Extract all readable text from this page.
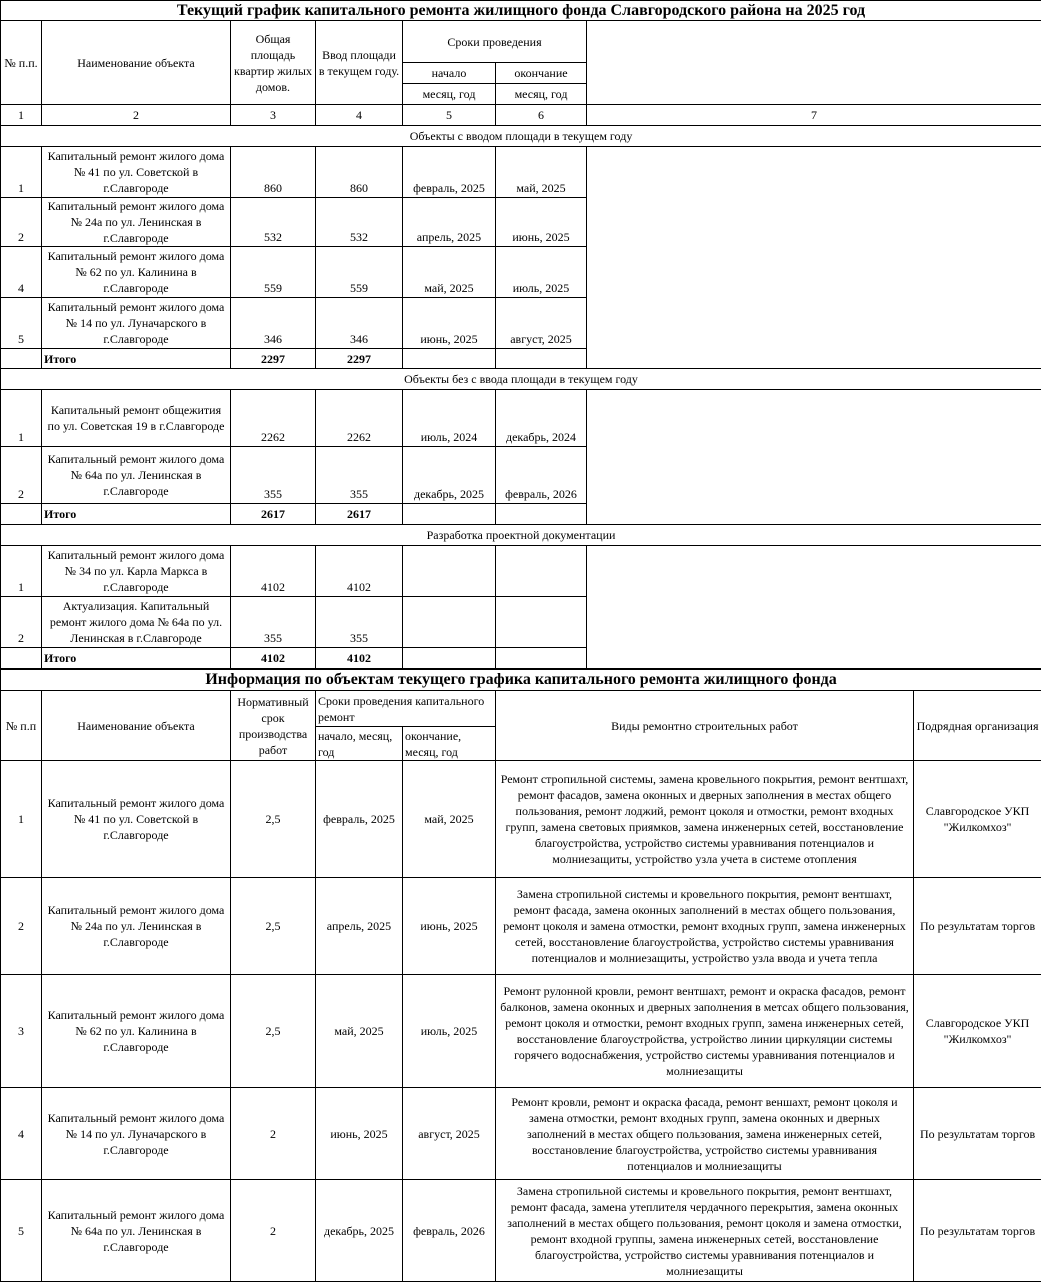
Текущий график капитального ремонта жилищного фонда Славгородского района на 2025 год						
№ п.п.	Наименование объекта	Общая площадь квартир жилых домов.	Ввод площади в текущем году.	Сроки проведения		
				начало	окончание	
				месяц, год	месяц, год	
1	2	3	4	5	6	7
Объекты с вводом площади в текущем году						
1	Капитальный ремонт жилого дома № 41 по ул. Советской в г.Славгороде	860	860	февраль, 2025	май, 2025	
2	Капитальный ремонт жилого дома № 24а по ул. Ленинская в г.Славгороде	532	532	апрель, 2025	июнь, 2025	
4	Капитальный ремонт жилого дома № 62 по ул. Калинина в г.Славгороде	559	559	май, 2025	июль, 2025	
5	Капитальный ремонт жилого дома № 14 по ул. Луначарского в г.Славгороде	346	346	июнь, 2025	август, 2025	
	Итого	2297	2297			
Объекты без с ввода площади в текущем году						
1	Капитальный ремонт общежития по ул. Советская 19 в г.Славгороде	2262	2262	июль, 2024	декабрь, 2024	
2	Капитальный ремонт жилого дома № 64а по ул. Ленинская в г.Славгороде	355	355	декабрь, 2025	февраль, 2026	
	Итого	2617	2617			
Разработка проектной документации						
1	Капитальный ремонт жилого дома № 34 по ул. Карла Маркса в г.Славгороде	4102	4102			
2	Актуализация. Капитальный ремонт жилого дома № 64а по ул. Ленинская в г.Славгороде	355	355			
	Итого	4102	4102			
Информация по объектам текущего графика капитального ремонта жилищного фонда						
№ п.п	Наименование объекта	Нормативный срок производства работ	Сроки проведения капитального ремонт		Виды ремонтно строительных работ	Подрядная организация
			начало, месяц, год	окончание, месяц, год		
1	Капитальный ремонт жилого дома № 41 по ул. Советской в г.Славгороде	2,5	февраль, 2025	май, 2025	Ремонт стропильной системы, замена кровельного покрытия, ремонт вентшахт, ремонт фасадов, замена оконных и дверных заполнения в местах общего пользования, ремонт лоджий, ремонт цоколя и отмостки, ремонт входных групп, замена световых приямков, замена инженерных сетей, восстановление благоустройства, устройство системы уравнивания потенциалов и молниезащиты, устройство узла учета в системе отопления	Славгородское УКП "Жилкомхоз"
2	Капитальный ремонт жилого дома № 24а по ул. Ленинская в г.Славгороде	2,5	апрель, 2025	июнь, 2025	Замена стропильной системы и кровельного покрытия, ремонт вентшахт, ремонт фасада, замена оконных заполнений в местах общего пользования, ремонт цоколя и замена отмостки, ремонт входных групп, замена инженерных сетей, восстановление благоустройства, устройство системы уравнивания потенциалов и молниезащиты, устройство узла ввода и учета тепла	По результатам торгов
3	Капитальный ремонт жилого дома № 62 по ул. Калинина в г.Славгороде	2,5	май, 2025	июль, 2025	Ремонт рулонной кровли, ремонт вентшахт, ремонт и окраска фасадов, ремонт балконов, замена оконных и дверных заполнения в метсах общего пользования, ремонт цоколя и отмостки, ремонт входных групп, замена инженерных сетей, восстановление благоустройства, устройство линии циркуляции системы горячего водоснабжения, устройство системы уравнивания потенциалов и молниезащиты	Славгородское УКП "Жилкомхоз"
4	Капитальный ремонт жилого дома № 14 по ул. Луначарского в г.Славгороде	2	июнь, 2025	август, 2025	Ремонт кровли, ремонт и окраска фасада, ремонт веншахт, ремонт цоколя и замена отмостки, ремонт входных групп, замена оконных и дверных заполнений в местах общего пользования, замена инженерных сетей, восстановление благоустройства, устройство системы уравнивания потенциалов и молниезащиты	По результатам торгов
5	Капитальный ремонт жилого дома № 64а по ул. Ленинская в г.Славгороде	2	декабрь, 2025	февраль, 2026	Замена стропильной системы и кровельного покрытия, ремонт вентшахт, ремонт фасада, замена утеплителя чердачного перекрытия, замена оконных заполнений в местах общего пользования, ремонт цоколя и замена отмостки, ремонт входной группы, замена инженерных сетей, восстановление благоустройства, устройство системы уравнивания потенциалов и молниезащиты	По результатам торгов
